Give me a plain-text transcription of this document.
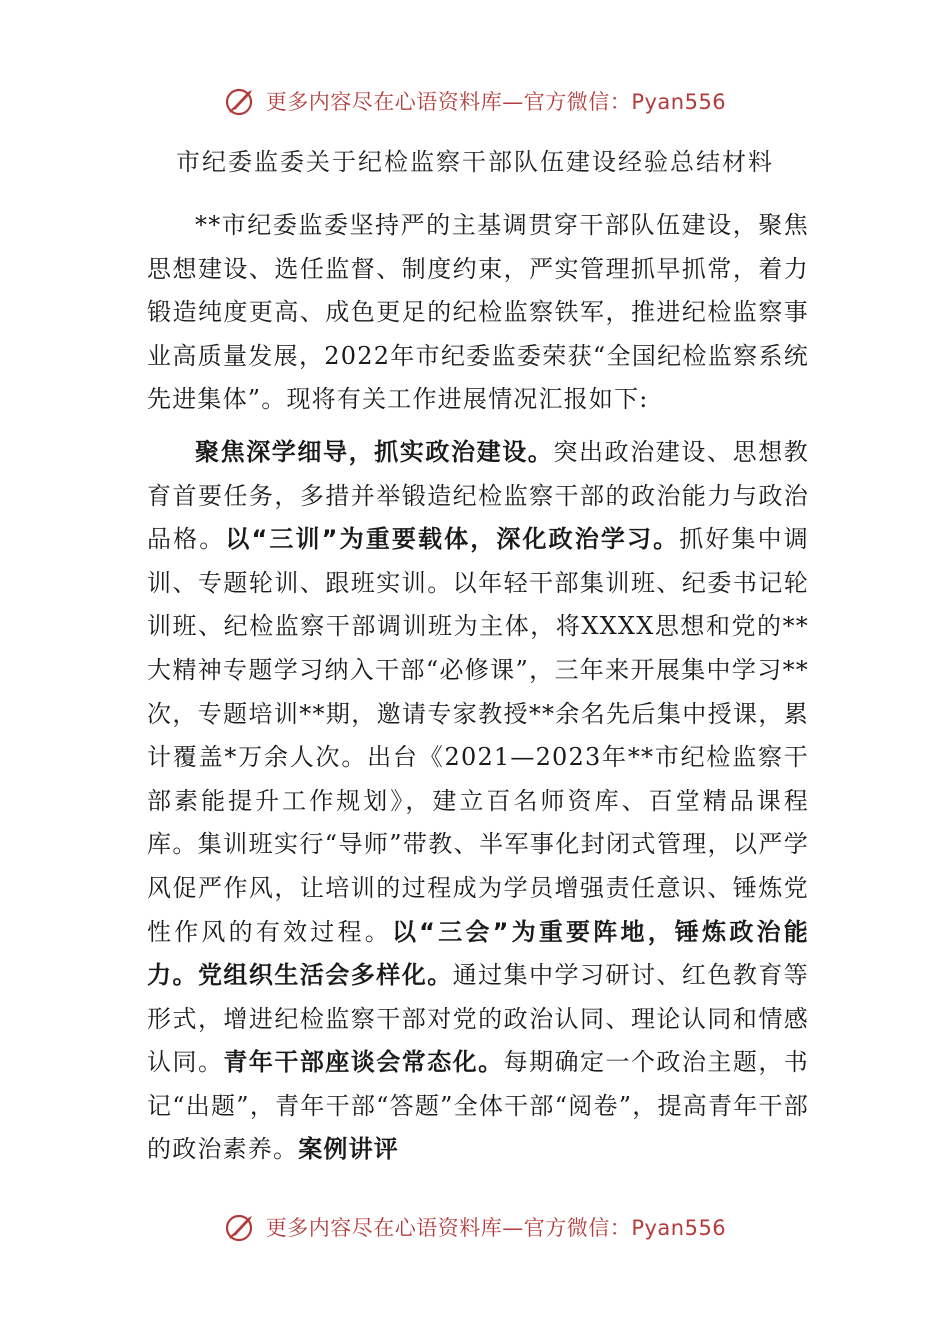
更多内容尽在心语资料库—官方微信：Pyan556
市纪委监委关于纪检监察干部队伍建设经验总结材料

**市纪委监委坚持严的主基调贯穿干部队伍建设，聚焦思想建设、选任监督、制度约束，严实管理抓早抓常，着力锻造纯度更高、成色更足的纪检监察铁军，推进纪检监察事业高质量发展，2022年市纪委监委荣获“全国纪检监察系统先进集体”。现将有关工作进展情况汇报如下:

聚焦深学细导，抓实政治建设。突出政治建设、思想教育首要任务，多措并举锻造纪检监察干部的政治能力与政治品格。以“三训”为重要载体，深化政治学习。抓好集中调训、专题轮训、跟班实训。以年轻干部集训班、纪委书记轮训班、纪检监察干部调训班为主体，将XXXX思想和党的**大精神专题学习纳入干部“必修课”，三年来开展集中学习**次，专题培训**期，邀请专家教授**余名先后集中授课，累计覆盖*万余人次。出台《2021—2023年**市纪检监察干部素能提升工作规划》，建立百名师资库、百堂精品课程库。集训班实行“导师”带教、半军事化封闭式管理，以严学风促严作风，让培训的过程成为学员增强责任意识、锤炼党性作风的有效过程。以“三会”为重要阵地，锤炼政治能力。党组织生活会多样化。通过集中学习研讨、红色教育等形式，增进纪检监察干部对党的政治认同、理论认同和情感认同。青年干部座谈会常态化。每期确定一个政治主题，书记“出题”，青年干部“答题”全体干部“阅卷”，提高青年干部的政治素养。案例讲评

更多内容尽在心语资料库—官方微信：Pyan556
